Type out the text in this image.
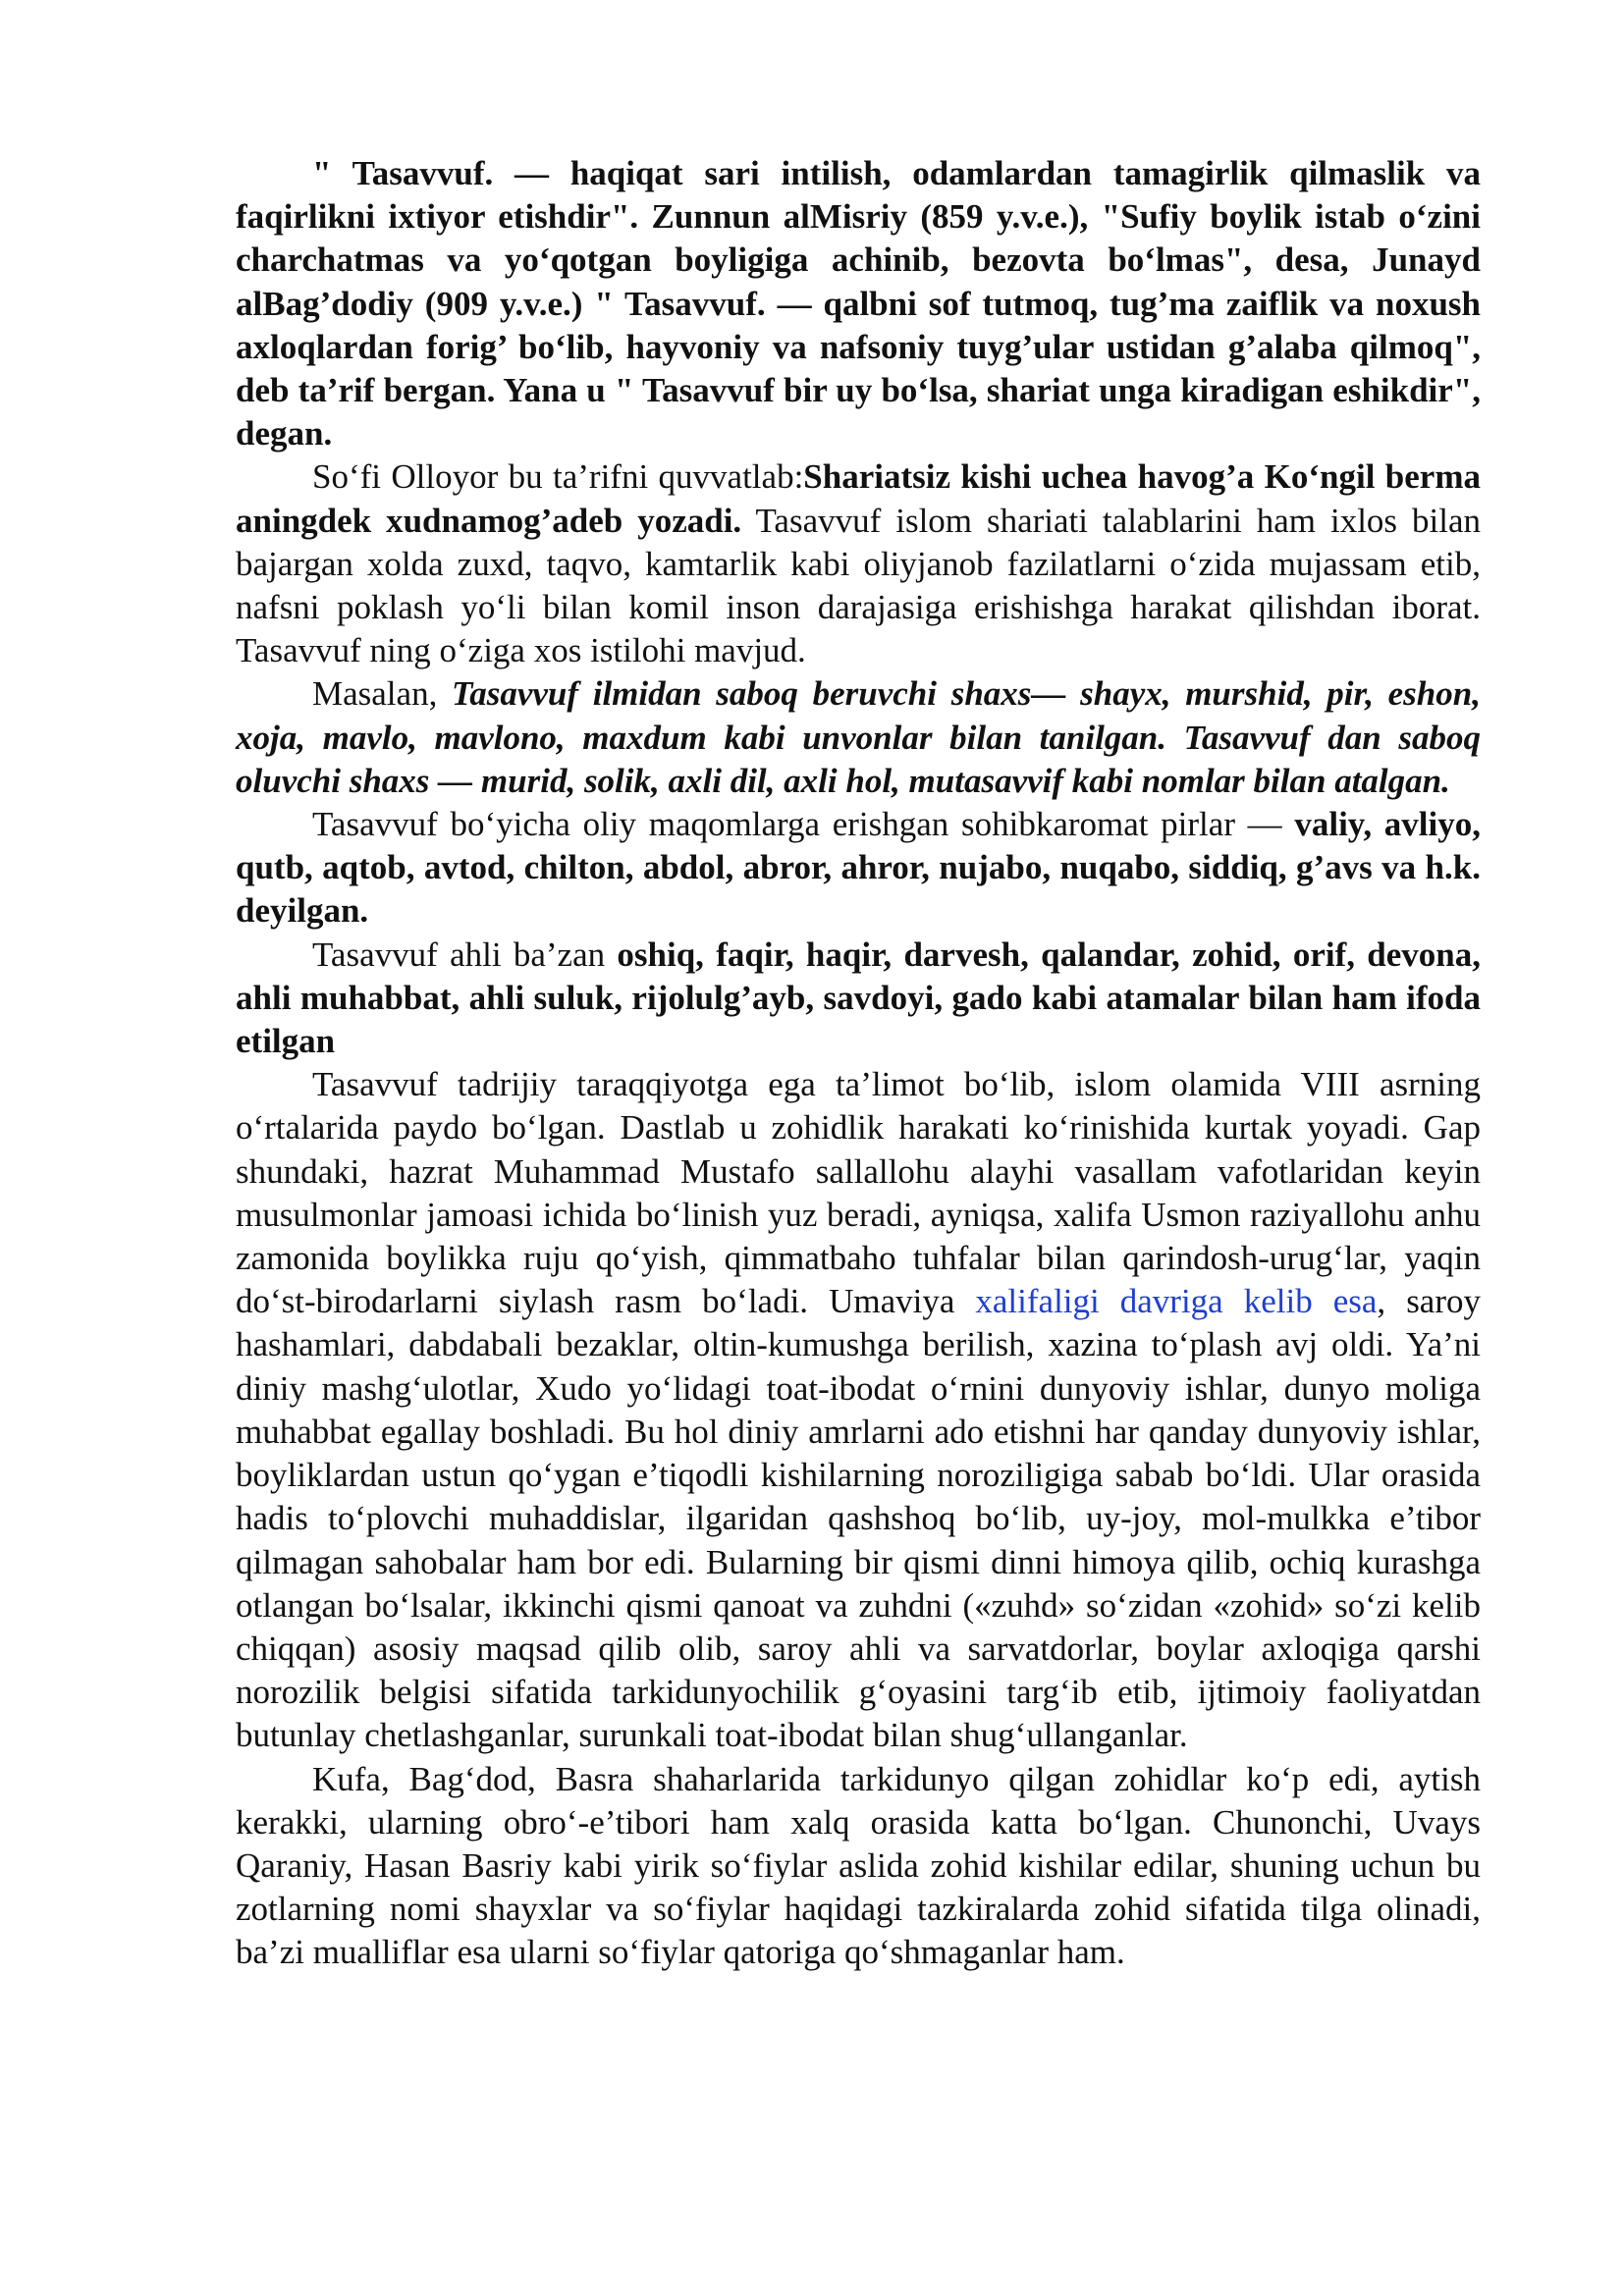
" Tasavvuf. — haqiqat sari intilish, odamlardan tamagirlik qilmaslik va faqirlikni ixtiyor etishdir". Zunnun alMisriy (859 y.v.e.), "Sufiy boylik istab o‘zini charchatmas va yo‘qotgan boyligiga achinib, bezovta bo‘lmas", desa, Junayd alBag’dodiy (909 y.v.e.) " Tasavvuf. — qalbni sof tutmoq, tug’ma zaiflik va noxush axloqlardan forig’ bo‘lib, hayvoniy va nafsoniy tuyg’ular ustidan g’alaba qilmoq", deb ta’rif bergan. Yana u " Tasavvuf bir uy bo‘lsa, shariat unga kiradigan eshikdir", degan.

So‘fi Olloyor bu ta’rifni quvvatlab:Shariatsiz kishi uchea havog’a Ko‘ngil berma aningdek xudnamog’adeb yozadi. Tasavvuf islom shariati talablarini ham ixlos bilan bajargan xolda zuxd, taqvo, kamtarlik kabi oliyjanob fazilatlarni o‘zida mujassam etib, nafsni poklash yo‘li bilan komil inson darajasiga erishishga harakat qilishdan iborat. Tasavvuf ning o‘ziga xos istilohi mavjud.

Masalan, Tasavvuf ilmidan saboq beruvchi shaxs— shayx, murshid, pir, eshon, xoja, mavlo, mavlono, maxdum kabi unvonlar bilan tanilgan. Tasavvuf dan saboq oluvchi shaxs — murid, solik, axli dil, axli hol, mutasavvif kabi nomlar bilan atalgan.

Tasavvuf bo‘yicha oliy maqomlarga erishgan sohibkaromat pirlar — valiy, avliyo, qutb, aqtob, avtod, chilton, abdol, abror, ahror, nujabo, nuqabo, siddiq, g’avs va h.k. deyilgan.

Tasavvuf ahli ba’zan oshiq, faqir, haqir, darvesh, qalandar, zohid, orif, devona, ahli muhabbat, ahli suluk, rijolulg’ayb, savdoyi, gado kabi atamalar bilan ham ifoda etilgan

Tasavvuf tadrijiy taraqqiyotga ega ta’limot bo‘lib, islom olamida VIII asrning o‘rtalarida paydo bo‘lgan. Dastlab u zohidlik harakati ko‘rinishida kurtak yoyadi. Gap shundaki, hazrat Muhammad Mustafo sallallohu alayhi vasallam vafotlaridan keyin musulmonlar jamoasi ichida bo‘linish yuz beradi, ayniqsa, xalifa Usmon raziyallohu anhu zamonida boylikka ruju qo‘yish, qimmatbaho tuhfalar bilan qarindosh-urug‘lar, yaqin do‘st-birodarlarni siylash rasm bo‘ladi. Umaviya xalifaligi davriga kelib esa, saroy hashamlari, dabdabali bezaklar, oltin-kumushga berilish, xazina to‘plash avj oldi. Ya’ni diniy mashg‘ulotlar, Xudo yo‘lidagi toat-ibodat o‘rnini dunyoviy ishlar, dunyo moliga muhabbat egallay boshladi. Bu hol diniy amrlarni ado etishni har qanday dunyoviy ishlar, boyliklardan ustun qo‘ygan e’tiqodli kishilarning noroziligiga sabab bo‘ldi. Ular orasida hadis to‘plovchi muhaddislar, ilgaridan qashshoq bo‘lib, uy-joy, mol-mulkka e’tibor qilmagan sahobalar ham bor edi. Bularning bir qismi dinni himoya qilib, ochiq kurashga otlangan bo‘lsalar, ikkinchi qismi qanoat va zuhdni («zuhd» so‘zidan «zohid» so‘zi kelib chiqqan) asosiy maqsad qilib olib, saroy ahli va sarvatdorlar, boylar axloqiga qarshi norozilik belgisi sifatida tarkidunyochilik g‘oyasini targ‘ib etib, ijtimoiy faoliyatdan butunlay chetlashganlar, surunkali toat-ibodat bilan shug‘ullanganlar.

Kufa, Bag‘dod, Basra shaharlarida tarkidunyo qilgan zohidlar ko‘p edi, aytish kerakki, ularning obro‘-e’tibori ham xalq orasida katta bo‘lgan. Chunonchi, Uvays Qaraniy, Hasan Basriy kabi yirik so‘fiylar aslida zohid kishilar edilar, shuning uchun bu zotlarning nomi shayxlar va so‘fiylar haqidagi tazkiralarda zohid sifatida tilga olinadi, ba’zi mualliflar esa ularni so‘fiylar qatoriga qo‘shmaganlar ham.
